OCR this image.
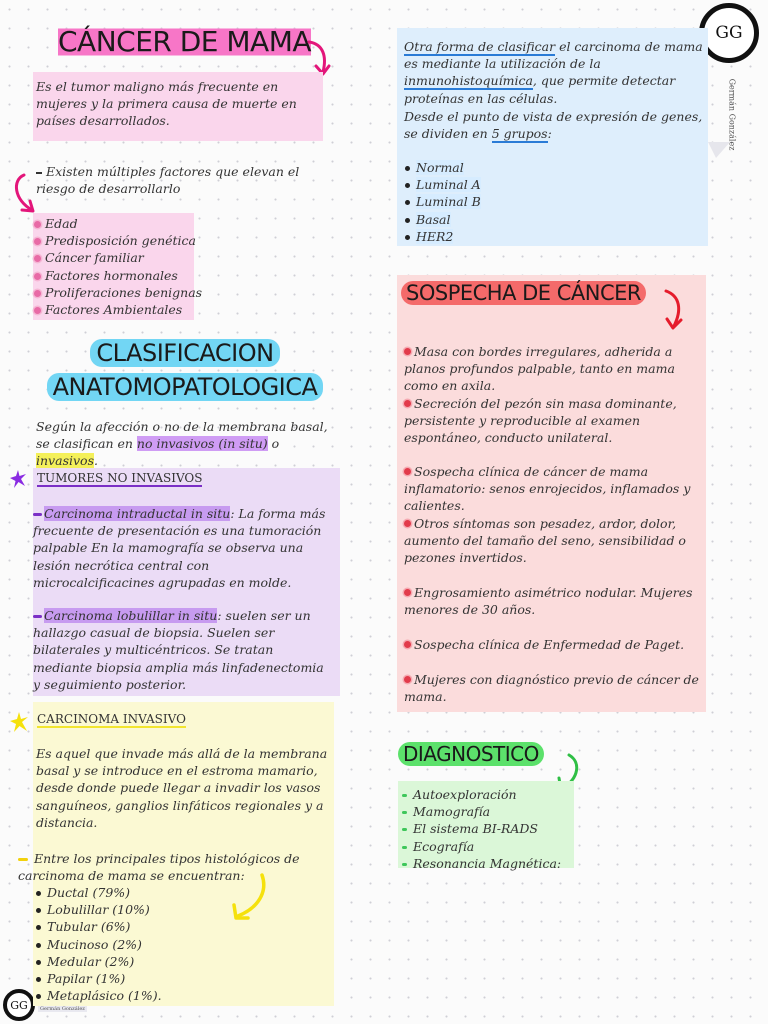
GG
Germán González
GG	Germán González
CÁNCER DE MAMA
Es el tumor maligno más frecuente en mujeres y la primera causa de muerte en países desarrollados.
Existen múltiples factores que elevan el riesgo de desarrollarlo
Edad
Predisposición genética
Cáncer familiar
Factores hormonales
Proliferaciones benignas
Factores Ambientales
CLASIFICACION
ANATOMOPATOLOGICA
Según la afección o no de la membrana basal, se clasifican en no invasivos (in situ) o invasivos.
TUMORES NO INVASIVOS
Carcinoma intraductal in situ: La forma más frecuente de presentación es una tumoración palpable En la mamografía se observa una lesión necrótica central con microcalcificacines agrupadas en molde.
Carcinoma lobulillar in situ: suelen ser un hallazgo casual de biopsia. Suelen ser bilaterales y multicéntricos. Se tratan mediante biopsia amplia más linfadenectomia y seguimiento posterior.
CARCINOMA INVASIVO
Es aquel que invade más allá de la membrana basal y se introduce en el estroma mamario, desde donde puede llegar a invadir los vasos sanguíneos, ganglios linfáticos regionales y a distancia.
Entre los principales tipos histológicos de carcinoma de mama se encuentran:
Ductal (79%)
Lobulillar (10%)
Tubular (6%)
Mucinoso (2%)
Medular (2%)
Papilar (1%)
Metaplásico (1%).
Otra forma de clasificar el carcinoma de mama es mediante la utilización de la inmunohistoquímica, que permite detectar proteínas en las células.
Desde el punto de vista de expresión de genes, se dividen en 5 grupos:
Normal
Luminal A
Luminal B
Basal
HER2
SOSPECHA DE CÁNCER
Masa con bordes irregulares, adherida a planos profundos palpable, tanto en mama como en axila.
Secreción del pezón sin masa dominante, persistente y reproducible al examen espontáneo, conducto unilateral.
Sospecha clínica de cáncer de mama inflamatorio: senos enrojecidos, inflamados y calientes.
Otros síntomas son pesadez, ardor, dolor, aumento del tamaño del seno, sensibilidad o pezones invertidos.
Engrosamiento asimétrico nodular. Mujeres menores de 30 años.
Sospecha clínica de Enfermedad de Paget.
Mujeres con diagnóstico previo de cáncer de mama.
DIAGNOSTICO
Autoexploración
Mamografía
El sistema BI-RADS
Ecografía
Resonancia Magnética:
